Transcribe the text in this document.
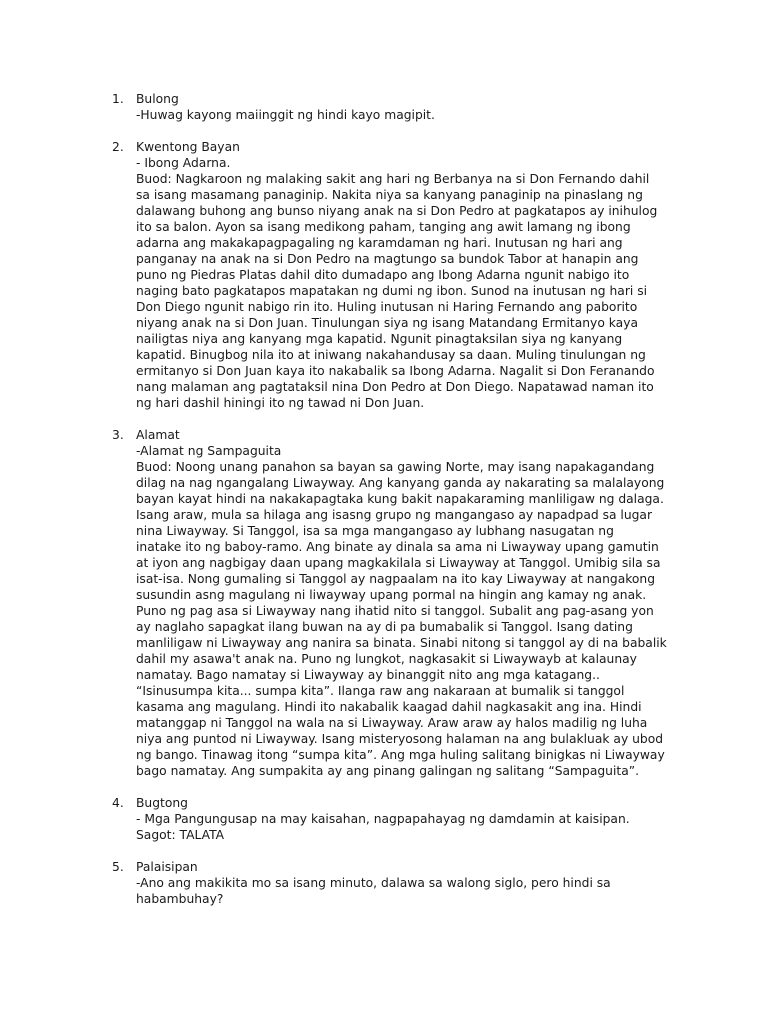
1. Bulong
-Huwag kayong maiinggit ng hindi kayo magipit.
2. Kwentong Bayan
- Ibong Adarna.
Buod: Nagkaroon ng malaking sakit ang hari ng Berbanya na si Don Fernando dahil
sa isang masamang panaginip. Nakita niya sa kanyang panaginip na pinaslang ng
dalawang buhong ang bunso niyang anak na si Don Pedro at pagkatapos ay inihulog
ito sa balon. Ayon sa isang medikong paham, tanging ang awit lamang ng ibong
adarna ang makakapagpagaling ng karamdaman ng hari. Inutusan ng hari ang
panganay na anak na si Don Pedro na magtungo sa bundok Tabor at hanapin ang
puno ng Piedras Platas dahil dito dumadapo ang Ibong Adarna ngunit nabigo ito
naging bato pagkatapos mapatakan ng dumi ng ibon. Sunod na inutusan ng hari si
Don Diego ngunit nabigo rin ito. Huling inutusan ni Haring Fernando ang paborito
niyang anak na si Don Juan. Tinulungan siya ng isang Matandang Ermitanyo kaya
nailigtas niya ang kanyang mga kapatid. Ngunit pinagtaksilan siya ng kanyang
kapatid. Binugbog nila ito at iniwang nakahandusay sa daan. Muling tinulungan ng
ermitanyo si Don Juan kaya ito nakabalik sa Ibong Adarna. Nagalit si Don Feranando
nang malaman ang pagtataksil nina Don Pedro at Don Diego. Napatawad naman ito
ng hari dashil hiningi ito ng tawad ni Don Juan.
3. Alamat
-Alamat ng Sampaguita
Buod: Noong unang panahon sa bayan sa gawing Norte, may isang napakagandang
dilag na nag ngangalang Liwayway. Ang kanyang ganda ay nakarating sa malalayong
bayan kayat hindi na nakakapagtaka kung bakit napakaraming manliligaw ng dalaga.
Isang araw, mula sa hilaga ang isasng grupo ng mangangaso ay napadpad sa lugar
nina Liwayway. Si Tanggol, isa sa mga mangangaso ay lubhang nasugatan ng
inatake ito ng baboy-ramo. Ang binate ay dinala sa ama ni Liwayway upang gamutin
at iyon ang nagbigay daan upang magkakilala si Liwayway at Tanggol. Umibig sila sa
isat-isa. Nong gumaling si Tanggol ay nagpaalam na ito kay Liwayway at nangakong
susundin asng magulang ni liwayway upang pormal na hingin ang kamay ng anak.
Puno ng pag asa si Liwayway nang ihatid nito si tanggol. Subalit ang pag-asang yon
ay naglaho sapagkat ilang buwan na ay di pa bumabalik si Tanggol. Isang dating
manliligaw ni Liwayway ang nanira sa binata. Sinabi nitong si tanggol ay di na babalik
dahil my asawa't anak na. Puno ng lungkot, nagkasakit si Liwaywayb at kalaunay
namatay. Bago namatay si Liwayway ay binanggit nito ang mga katagang..
“Isinusumpa kita... sumpa kita”. Ilanga raw ang nakaraan at bumalik si tanggol
kasama ang magulang. Hindi ito nakabalik kaagad dahil nagkasakit ang ina. Hindi
matanggap ni Tanggol na wala na si Liwayway. Araw araw ay halos madilig ng luha
niya ang puntod ni Liwayway. Isang misteryosong halaman na ang bulakluak ay ubod
ng bango. Tinawag itong “sumpa kita”. Ang mga huling salitang binigkas ni Liwayway
bago namatay. Ang sumpakita ay ang pinang galingan ng salitang “Sampaguita”.
4. Bugtong
- Mga Pangungusap na may kaisahan, nagpapahayag ng damdamin at kaisipan.
Sagot: TALATA
5. Palaisipan
-Ano ang makikita mo sa isang minuto, dalawa sa walong siglo, pero hindi sa
habambuhay?
